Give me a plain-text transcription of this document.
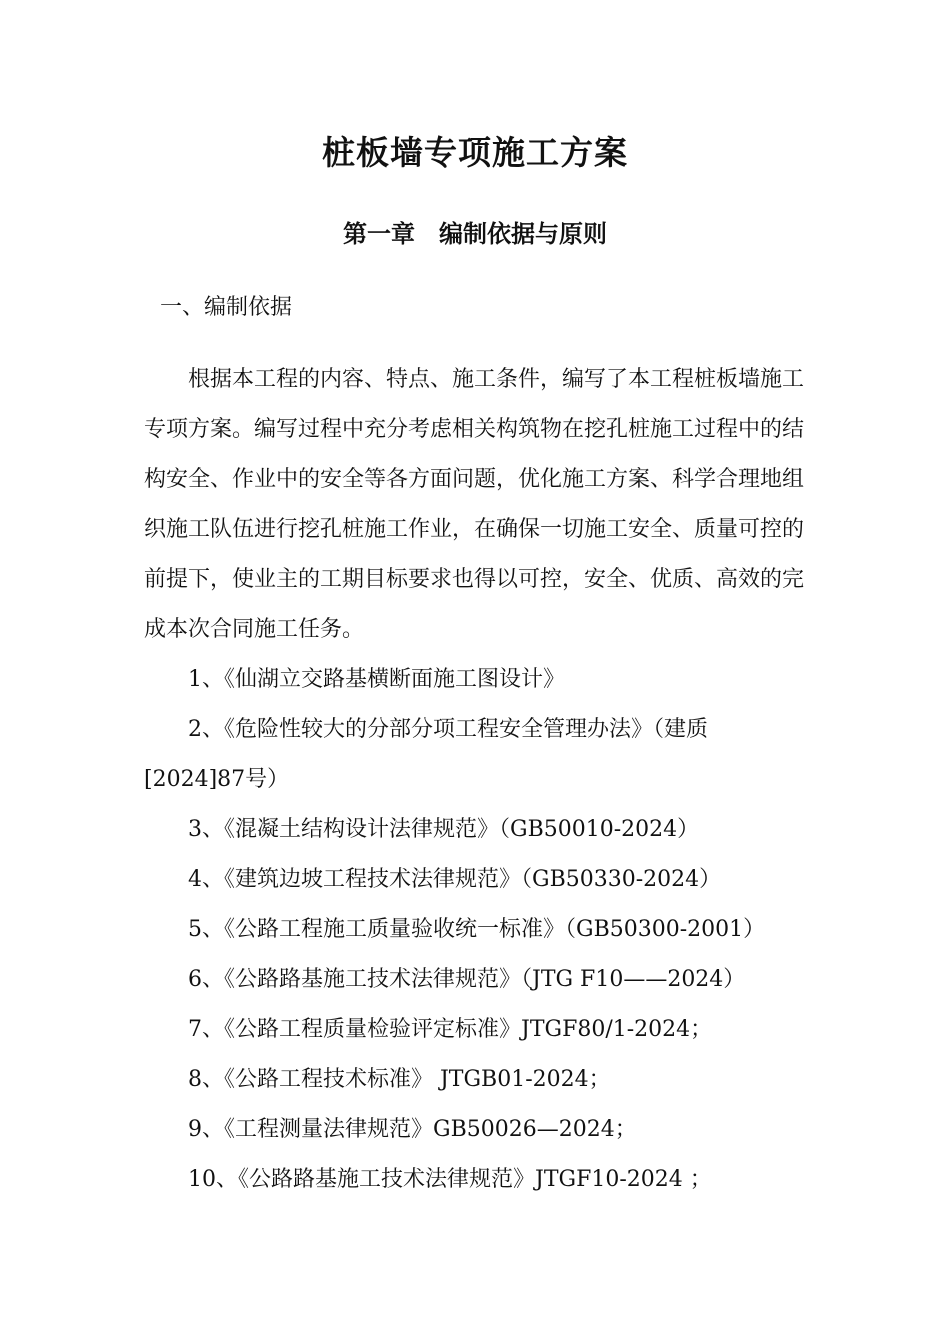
桩板墙专项施工方案
第一章　编制依据与原则
一、编制依据

根据本工程的内容、特点、施工条件，编写了本工程桩板墙施工专项方案。编写过程中充分考虑相关构筑物在挖孔桩施工过程中的结构安全、作业中的安全等各方面问题，优化施工方案、科学合理地组织施工队伍进行挖孔桩施工作业，在确保一切施工安全、质量可控的前提下，使业主的工期目标要求也得以可控，安全、优质、高效的完成本次合同施工任务。

1、《仙湖立交路基横断面施工图设计》

2、《危险性较大的分部分项工程安全管理办法》（建质[2024]87号）

3、《混凝土结构设计法律规范》（GB50010-2024）

4、《建筑边坡工程技术法律规范》（GB50330-2024）

5、《公路工程施工质量验收统一标准》（GB50300-2001）

6、《公路路基施工技术法律规范》（JTG F10——2024）

7、《公路工程质量检验评定标准》JTGF80/1-2024；

8、《公路工程技术标准》 JTGB01-2024；

9、《工程测量法律规范》GB50026—2024；

10、《公路路基施工技术法律规范》JTGF10-2024 ；
